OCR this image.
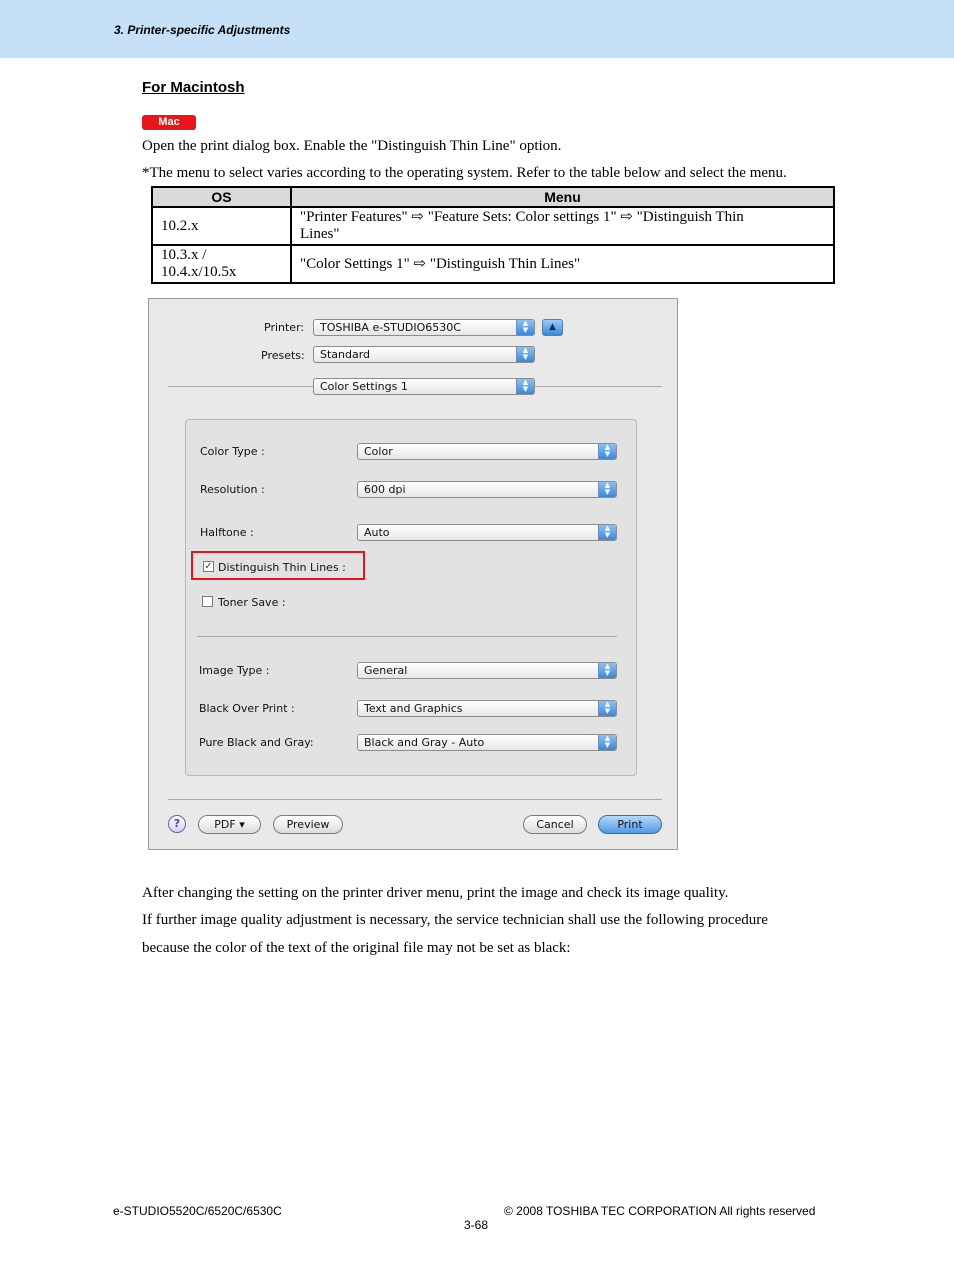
3. Printer-specific Adjustments
For Macintosh
Mac
Open the print dialog box. Enable the "Distinguish Thin Line" option.
*The menu to select varies according to the operating system. Refer to the table below and select the menu.
OS	Menu
10.2.x	"Printer Features" ⇨ "Feature Sets: Color settings 1" ⇨ "Distinguish Thin
Lines"

10.3.x / 10.4.x/10.5x	"Color Settings 1" ⇨ "Distinguish Thin Lines"
Printer:	TOSHIBA e-STUDIO6530C	▲
▼	▲
Presets:	Standard	▲
▼
Color Settings 1	▲
▼
Color Type :	Color	▲
▼
Resolution :	600 dpi	▲
▼
Halftone :	Auto	▲
▼
✓ Distinguish Thin Lines :
Toner Save :
Image Type :	General	▲
▼
Black Over Print :	Text and Graphics	▲
▼
Pure Black and Gray:	Black and Gray - Auto	▲
▼
?	PDF ▾	Preview	Cancel	Print
After changing the setting on the printer driver menu, print the image and check its image quality.
If further image quality adjustment is necessary, the service technician shall use the following procedure
because the color of the text of the original file may not be set as black:
e-STUDIO5520C/6520C/6530C	© 2008 TOSHIBA TEC CORPORATION All rights reserved
3-68
